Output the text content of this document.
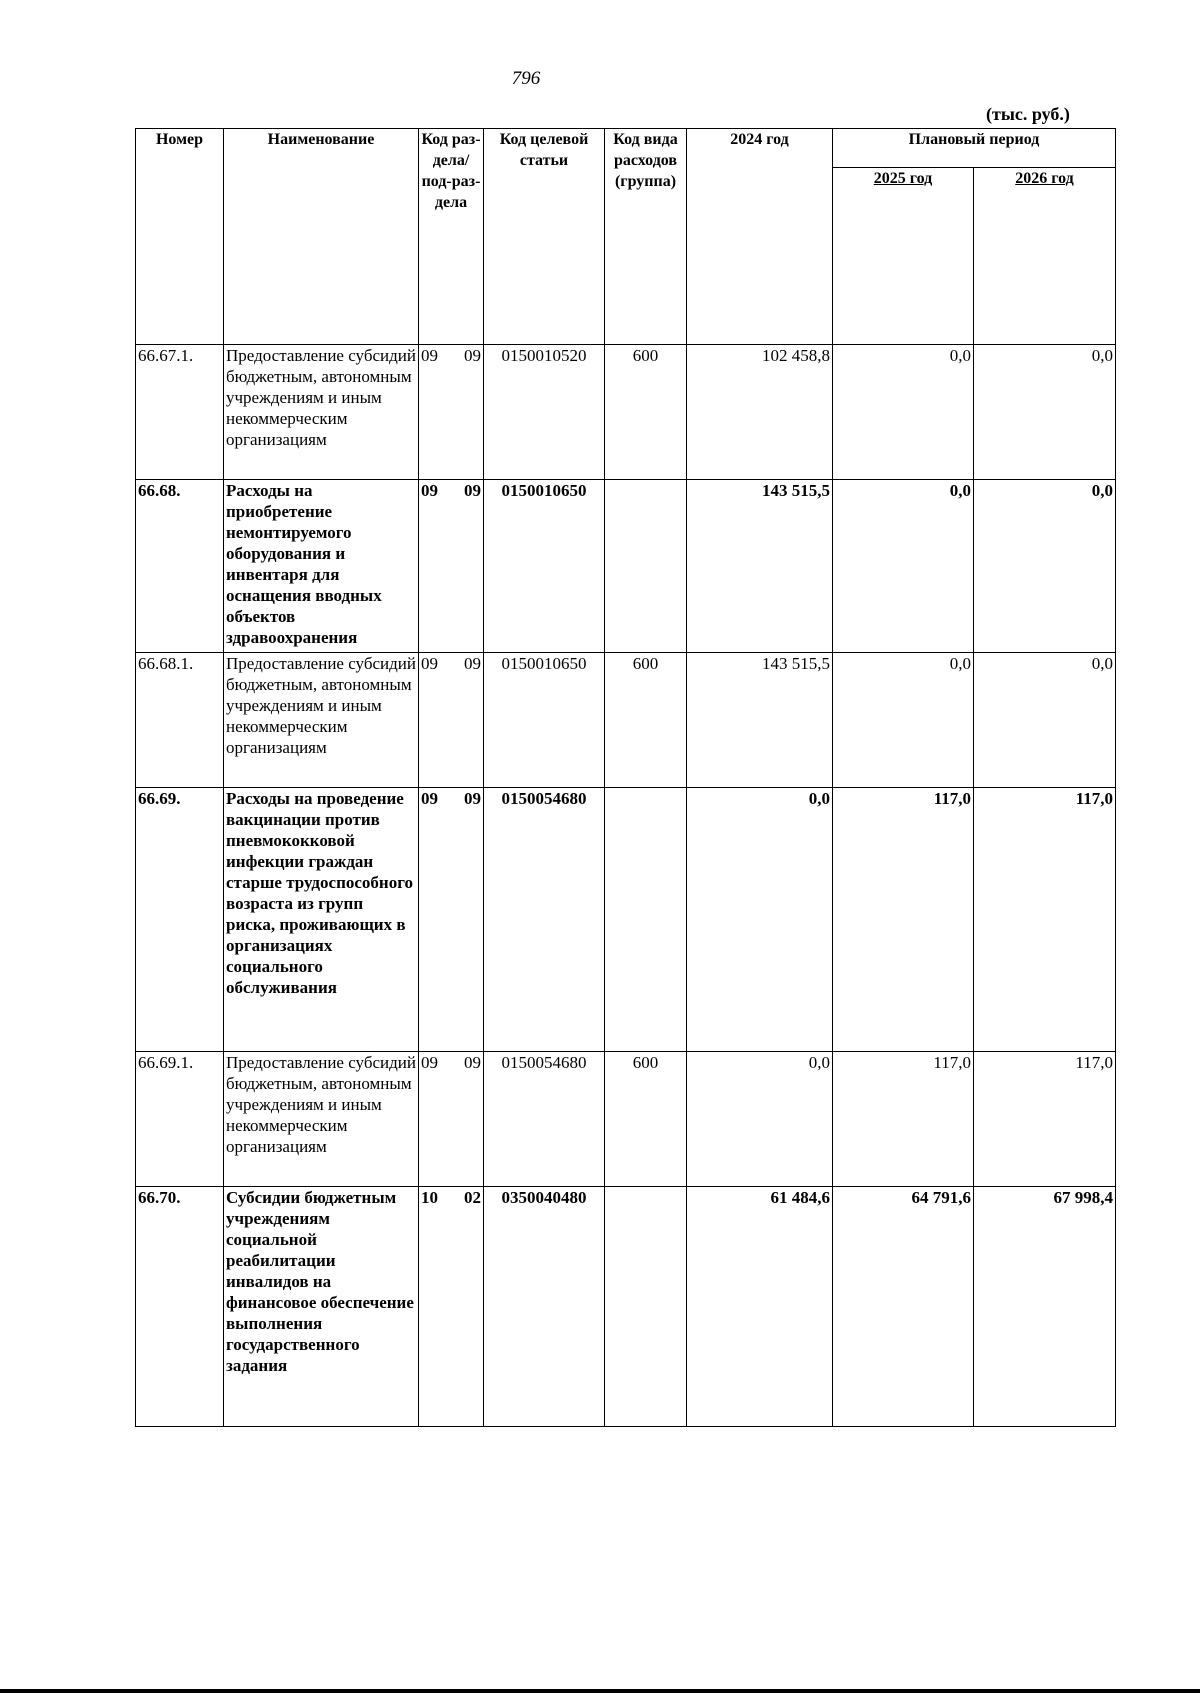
796
(тыс. руб.)
Номер	Наименование	Код раз-дела/ под-раз-дела	Код целевой статьи	Код вида расходов (группа)	2024 год	Плановый период	
						2025 год	2026 год
66.67.1.	Предоставление субсидий бюджетным, автономным учреждениям и иным некоммерческим организациям	09 09	0150010520	600	102 458,8	0,0	0,0
66.68.	Расходы на приобретение немонтируемого оборудования и инвентаря для оснащения вводных объектов здравоохранения	09 09	0150010650		143 515,5	0,0	0,0
66.68.1.	Предоставление субсидий бюджетным, автономным учреждениям и иным некоммерческим организациям	09 09	0150010650	600	143 515,5	0,0	0,0
66.69.	Расходы на проведение вакцинации против пневмококковой инфекции граждан старше трудоспособного возраста из групп риска, проживающих в организациях социального обслуживания	09 09	0150054680		0,0	117,0	117,0
66.69.1.	Предоставление субсидий бюджетным, автономным учреждениям и иным некоммерческим организациям	09 09	0150054680	600	0,0	117,0	117,0
66.70.	Субсидии бюджетным учреждениям социальной реабилитации инвалидов на финансовое обеспечение выполнения государственного задания	10 02	0350040480		61 484,6	64 791,6	67 998,4
